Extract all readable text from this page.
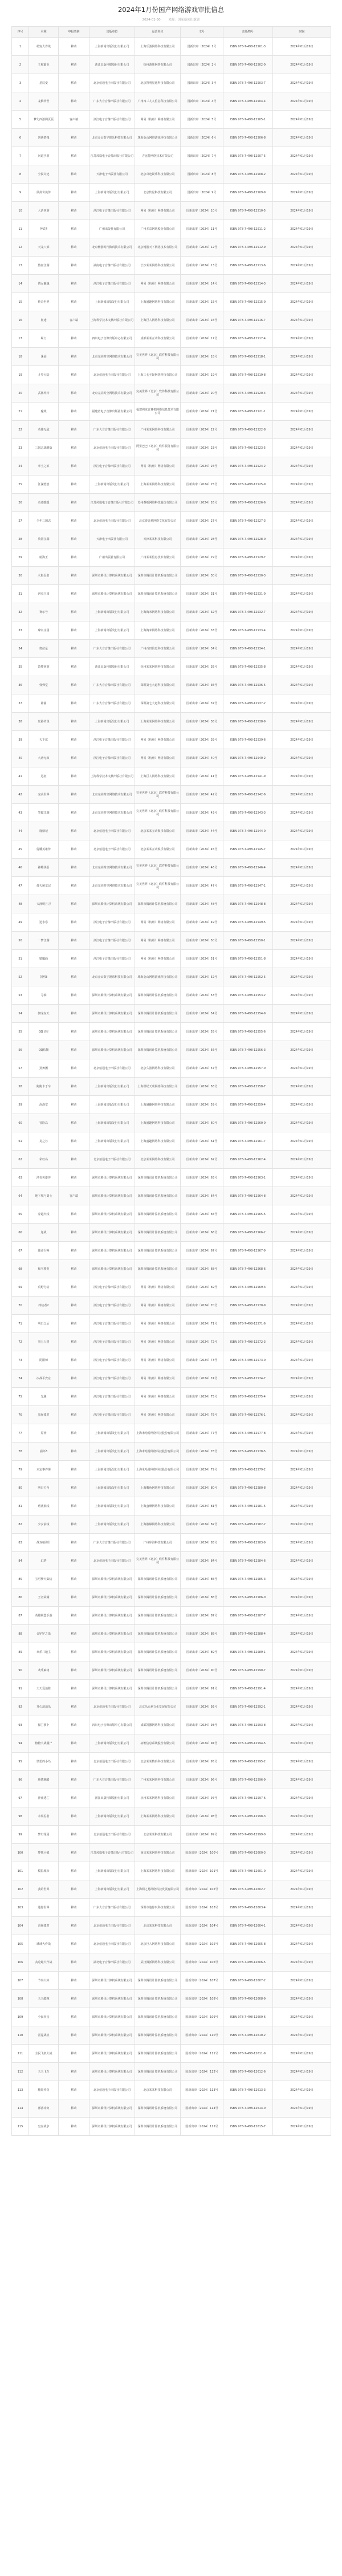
2024年1月份国产网络游戏审批信息
2024-01-30	来源：国家新闻出版署
序号	名称	申报类别	出版单位	运营单位	文号	出版物号	时间
1	萌宠大作战	移动	上海新闻出版发行有限公司	上海乐游网络科技有限公司	国新出审〔2024〕1号	ISBN 978-7-498-12501-3	2024年01月19日
2	王权霸业	移动	浙江出版传媒股份有限公司	杭州游族网络有限公司	国新出审〔2024〕2号	ISBN 978-7-498-12502-0	2024年01月19日
3	星辰变	移动	北京伯通电子出版社有限公司	北京智明星通科技有限公司	国新出审〔2024〕3号	ISBN 978-7-498-12503-7	2024年01月19日
4	龙腾传世	移动	广东大音音像出版社有限公司	广州四三九九信息科技有限公司	国新出审〔2024〕4号	ISBN 978-7-498-12504-4	2024年01月19日
5	梦幻西游网页版	客户端	浙江电子音像出版社有限公司	网易（杭州）网络有限公司	国新出审〔2024〕5号	ISBN 978-7-498-12505-1	2024年01月19日
6	剑侠情缘	移动	北京金山数字娱乐科技有限公司	珠海金山网络游戏科技有限公司	国新出审〔2024〕6号	ISBN 978-7-498-12506-8	2024年01月19日
7	问道手游	移动	江苏凤凰电子音像出版社有限公司	吉比特网络技术有限公司	国新出审〔2024〕7号	ISBN 978-7-498-12507-5	2024年01月19日
8	全民奇迹	移动	天津电子出版社有限公司	北京奇迹娱乐科技有限公司	国新出审〔2024〕8号	ISBN 978-7-498-12508-2	2024年01月19日
9	仙剑奇侠传	移动	上海新闻出版发行有限公司	北京软星科技有限公司	国新出审〔2024〕9号	ISBN 978-7-498-12509-9	2024年01月19日
10	大话西游	移动	浙江电子音像出版社有限公司	网易（杭州）网络有限公司	国新出审〔2024〕10号	ISBN 978-7-498-12510-5	2024年01月19日
11	神武4	移动	广州出版社有限公司	广州多益网络股份有限公司	国新出审〔2024〕11号	ISBN 978-7-498-12511-2	2024年01月19日
12	天龙八部	移动	北京畅游时代数码技术有限公司	北京畅游天下网络技术有限公司	国新出审〔2024〕12号	ISBN 978-7-498-12512-9	2024年01月19日
13	热血江湖	移动	湖南电子音像出版社有限公司	长沙某某网络科技有限公司	国新出审〔2024〕13号	ISBN 978-7-498-12513-6	2024年01月19日
14	倩女幽魂	移动	浙江电子音像出版社有限公司	网易（杭州）网络有限公司	国新出审〔2024〕14号	ISBN 978-7-498-12514-3	2024年01月19日
15	传奇世界	移动	上海新闻出版发行有限公司	上海盛趣网络科技有限公司	国新出审〔2024〕15号	ISBN 978-7-498-12515-0	2024年01月19日
16	征途	客户端	上海科学技术文献出版社有限公司	上海巨人网络科技有限公司	国新出审〔2024〕16号	ISBN 978-7-498-12516-7	2024年01月19日
17	蜀门	移动	四川电子音像出版中心有限公司	成都某某互动科技有限公司	国新出审〔2024〕17号	ISBN 978-7-498-12517-4	2024年01月19日
18	诛仙	移动	北京完美时空网络技术有限公司	完美世界（北京）软件科技有限公司	国新出审〔2024〕18号	ISBN 978-7-498-12518-1	2024年01月19日
19	斗罗大陆	移动	北京伯通电子出版社有限公司	上海三七互娱网络科技有限公司	国新出审〔2024〕19号	ISBN 978-7-498-12519-8	2024年01月19日
20	武林外传	移动	北京完美时空网络技术有限公司	完美世界（北京）软件科技有限公司	国新出审〔2024〕20号	ISBN 978-7-498-12520-4	2024年01月19日
21	魔域	移动	福建省电子音像出版社有限公司	福建网龙计算机网络信息技术有限公司	国新出审〔2024〕21号	ISBN 978-7-498-12521-1	2024年01月19日
22	英雄无敌	移动	广东大音音像出版社有限公司	广州某某网络科技有限公司	国新出审〔2024〕22号	ISBN 978-7-498-12522-8	2024年01月19日
23	三国志战略版	移动	北京伯通电子出版社有限公司	阿里巴巴（北京）软件服务有限公司	国新出审〔2024〕23号	ISBN 978-7-498-12523-5	2024年01月19日
24	率土之滨	移动	浙江电子音像出版社有限公司	网易（杭州）网络有限公司	国新出审〔2024〕24号	ISBN 978-7-498-12524-2	2024年01月19日
25	江湖悠悠	移动	上海新闻出版发行有限公司	上海某某网络科技有限公司	国新出审〔2024〕25号	ISBN 978-7-498-12525-9	2024年01月19日
26	奇迹暖暖	移动	江苏凤凰电子音像出版社有限公司	苏州叠纸网络科技股份有限公司	国新出审〔2024〕26号	ISBN 978-7-498-12526-6	2024年01月19日
27	少年三国志	移动	北京伯通电子出版社有限公司	北京游道易网络文化有限公司	国新出审〔2024〕27号	ISBN 978-7-498-12527-3	2024年01月19日
28	放置江湖	移动	天津电子出版社有限公司	天津某某科技有限公司	国新出审〔2024〕28号	ISBN 978-7-498-12528-0	2024年01月19日
29	航海王	移动	广州出版社有限公司	广州某某信息技术有限公司	国新出审〔2024〕29号	ISBN 978-7-498-12529-7	2024年01月19日
30	火影忍者	移动	深圳市腾讯计算机系统有限公司	深圳市腾讯计算机系统有限公司	国新出审〔2024〕30号	ISBN 978-7-498-12530-3	2024年01月19日
31	洛克王国	移动	深圳市腾讯计算机系统有限公司	深圳市腾讯计算机系统有限公司	国新出审〔2024〕31号	ISBN 978-7-498-12531-0	2024年01月19日
32	赛尔号	移动	上海新闻出版发行有限公司	上海淘米网络科技有限公司	国新出审〔2024〕32号	ISBN 978-7-498-12532-7	2024年01月19日
33	摩尔庄园	移动	上海新闻出版发行有限公司	上海淘米网络科技有限公司	国新出审〔2024〕33号	ISBN 978-7-498-12533-4	2024年01月19日
34	奥拉星	移动	广东大音音像出版社有限公司	广州百田信息科技有限公司	国新出审〔2024〕34号	ISBN 978-7-498-12534-1	2024年01月19日
35	造梦西游	移动	浙江出版传媒股份有限公司	杭州某某网络科技有限公司	国新出审〔2024〕35号	ISBN 978-7-498-12535-8	2024年01月19日
36	弹弹堂	移动	广东大音音像出版社有限公司	深圳第七大道科技有限公司	国新出审〔2024〕36号	ISBN 978-7-498-12536-5	2024年01月19日
37	神曲	移动	广东大音音像出版社有限公司	深圳第七大道科技有限公司	国新出审〔2024〕37号	ISBN 978-7-498-12537-2	2024年01月19日
38	丝路传说	移动	上海新闻出版发行有限公司	上海某某网络科技有限公司	国新出审〔2024〕38号	ISBN 978-7-498-12538-9	2024年01月19日
39	天下贰	移动	浙江电子音像出版社有限公司	网易（杭州）网络有限公司	国新出审〔2024〕39号	ISBN 978-7-498-12539-6	2024年01月19日
40	大唐无双	移动	浙江电子音像出版社有限公司	网易（杭州）网络有限公司	国新出审〔2024〕40号	ISBN 978-7-498-12540-2	2024年01月19日
41	远征	移动	上海科学技术文献出版社有限公司	上海巨人网络科技有限公司	国新出审〔2024〕41号	ISBN 978-7-498-12541-9	2024年01月19日
42	完美世界	移动	北京完美时空网络技术有限公司	完美世界（北京）软件科技有限公司	国新出审〔2024〕42号	ISBN 978-7-498-12542-6	2024年01月19日
43	笑傲江湖	移动	北京完美时空网络技术有限公司	完美世界（北京）软件科技有限公司	国新出审〔2024〕43号	ISBN 978-7-498-12543-3	2024年01月19日
44	鹿鼎记	移动	北京伯通电子出版社有限公司	北京某某互动娱乐有限公司	国新出审〔2024〕44号	ISBN 978-7-498-12544-0	2024年01月19日
45	射雕英雄传	移动	北京伯通电子出版社有限公司	北京某某互动娱乐有限公司	国新出审〔2024〕45号	ISBN 978-7-498-12545-7	2024年01月19日
46	神雕侠侣	移动	北京完美时空网络技术有限公司	完美世界（北京）软件科技有限公司	国新出审〔2024〕46号	ISBN 978-7-498-12546-4	2024年01月19日
47	倚天屠龙记	移动	北京完美时空网络技术有限公司	完美世界（北京）软件科技有限公司	国新出审〔2024〕47号	ISBN 978-7-498-12547-1	2024年01月19日
48	天涯明月刀	移动	深圳市腾讯计算机系统有限公司	深圳市腾讯计算机系统有限公司	国新出审〔2024〕48号	ISBN 978-7-498-12548-8	2024年01月19日
49	逆水寒	移动	浙江电子音像出版社有限公司	网易（杭州）网络有限公司	国新出审〔2024〕49号	ISBN 978-7-498-12549-5	2024年01月19日
50	一梦江湖	移动	浙江电子音像出版社有限公司	网易（杭州）网络有限公司	国新出审〔2024〕50号	ISBN 978-7-498-12550-1	2024年01月19日
51	镇魔曲	移动	浙江电子音像出版社有限公司	网易（杭州）网络有限公司	国新出审〔2024〕51号	ISBN 978-7-498-12551-8	2024年01月19日
52	剑网3	移动	北京金山数字娱乐科技有限公司	珠海金山网络游戏科技有限公司	国新出审〔2024〕52号	ISBN 978-7-498-12552-5	2024年01月19日
53	寻仙	移动	深圳市腾讯计算机系统有限公司	深圳市腾讯计算机系统有限公司	国新出审〔2024〕53号	ISBN 978-7-498-12553-2	2024年01月19日
54	御龙在天	移动	深圳市腾讯计算机系统有限公司	深圳市腾讯计算机系统有限公司	国新出审〔2024〕54号	ISBN 978-7-498-12554-9	2024年01月19日
55	QQ飞车	移动	深圳市腾讯计算机系统有限公司	深圳市腾讯计算机系统有限公司	国新出审〔2024〕55号	ISBN 978-7-498-12555-6	2024年01月19日
56	QQ炫舞	移动	深圳市腾讯计算机系统有限公司	深圳市腾讯计算机系统有限公司	国新出审〔2024〕56号	ISBN 978-7-498-12556-3	2024年01月19日
57	劲舞团	移动	北京伯通电子出版社有限公司	北京久游网络科技有限公司	国新出审〔2024〕57号	ISBN 978-7-498-12557-0	2024年01月19日
58	跑跑卡丁车	移动	上海新闻出版发行有限公司	上海世纪天成网络科技有限公司	国新出审〔2024〕58号	ISBN 978-7-498-12558-7	2024年01月19日
59	泡泡堂	移动	上海新闻出版发行有限公司	上海盛趣网络科技有限公司	国新出审〔2024〕59号	ISBN 978-7-498-12559-4	2024年01月19日
60	冒险岛	移动	上海新闻出版发行有限公司	上海盛趣网络科技有限公司	国新出审〔2024〕60号	ISBN 978-7-498-12560-0	2024年01月19日
61	龙之谷	移动	上海新闻出版发行有限公司	上海盛趣网络科技有限公司	国新出审〔2024〕61号	ISBN 978-7-498-12561-7	2024年01月19日
62	彩虹岛	移动	北京伯通电子出版社有限公司	北京某某网络科技有限公司	国新出审〔2024〕62号	ISBN 978-7-498-12562-4	2024年01月19日
63	洛奇英雄传	移动	深圳市腾讯计算机系统有限公司	深圳市腾讯计算机系统有限公司	国新出审〔2024〕63号	ISBN 978-7-498-12563-1	2024年01月19日
64	地下城与勇士	客户端	深圳市腾讯计算机系统有限公司	深圳市腾讯计算机系统有限公司	国新出审〔2024〕64号	ISBN 978-7-498-12564-8	2024年01月19日
65	穿越火线	移动	深圳市腾讯计算机系统有限公司	深圳市腾讯计算机系统有限公司	国新出审〔2024〕65号	ISBN 978-7-498-12565-5	2024年01月19日
66	逆战	移动	深圳市腾讯计算机系统有限公司	深圳市腾讯计算机系统有限公司	国新出审〔2024〕66号	ISBN 978-7-498-12566-2	2024年01月19日
67	使命召唤	移动	深圳市腾讯计算机系统有限公司	深圳市腾讯计算机系统有限公司	国新出审〔2024〕67号	ISBN 978-7-498-12567-9	2024年01月19日
68	和平精英	移动	深圳市腾讯计算机系统有限公司	深圳市腾讯计算机系统有限公司	国新出审〔2024〕68号	ISBN 978-7-498-12568-6	2024年01月19日
69	荒野行动	移动	浙江电子音像出版社有限公司	网易（杭州）网络有限公司	国新出审〔2024〕69号	ISBN 978-7-498-12569-3	2024年01月19日
70	终结者2	移动	浙江电子音像出版社有限公司	网易（杭州）网络有限公司	国新出审〔2024〕70号	ISBN 978-7-498-12570-9	2024年01月19日
71	明日之后	移动	浙江电子音像出版社有限公司	网易（杭州）网络有限公司	国新出审〔2024〕71号	ISBN 978-7-498-12571-6	2024年01月19日
72	第五人格	移动	浙江电子音像出版社有限公司	网易（杭州）网络有限公司	国新出审〔2024〕72号	ISBN 978-7-498-12572-3	2024年01月19日
73	阴阳师	移动	浙江电子音像出版社有限公司	网易（杭州）网络有限公司	国新出审〔2024〕73号	ISBN 978-7-498-12573-0	2024年01月19日
74	决战平安京	移动	浙江电子音像出版社有限公司	网易（杭州）网络有限公司	国新出审〔2024〕74号	ISBN 978-7-498-12574-7	2024年01月19日
75	光遇	移动	浙江电子音像出版社有限公司	网易（杭州）网络有限公司	国新出审〔2024〕75号	ISBN 978-7-498-12575-4	2024年01月19日
76	蛋仔派对	移动	浙江电子音像出版社有限公司	网易（杭州）网络有限公司	国新出审〔2024〕76号	ISBN 978-7-498-12576-1	2024年01月19日
77	原神	移动	上海新闻出版发行有限公司	上海米哈游网络科技股份有限公司	国新出审〔2024〕77号	ISBN 978-7-498-12577-8	2024年01月19日
78	崩坏3	移动	上海新闻出版发行有限公司	上海米哈游网络科技股份有限公司	国新出审〔2024〕78号	ISBN 978-7-498-12578-5	2024年01月19日
79	未定事件簿	移动	上海新闻出版发行有限公司	上海米哈游网络科技股份有限公司	国新出审〔2024〕79号	ISBN 978-7-498-12579-2	2024年01月19日
80	明日方舟	移动	上海新闻出版发行有限公司	上海鹰角网络科技有限公司	国新出审〔2024〕80号	ISBN 978-7-498-12580-8	2024年01月19日
81	碧蓝航线	移动	上海新闻出版发行有限公司	上海蛮啾网络科技有限公司	国新出审〔2024〕81号	ISBN 978-7-498-12581-5	2024年01月19日
82	少女前线	移动	上海新闻出版发行有限公司	上海散爆网络科技有限公司	国新出审〔2024〕82号	ISBN 978-7-498-12582-2	2024年01月19日
83	战双帕弥什	移动	广东大音音像出版社有限公司	广州库洛科技有限公司	国新出审〔2024〕83号	ISBN 978-7-498-12583-9	2024年01月19日
84	幻塔	移动	北京伯通电子出版社有限公司	完美世界（北京）软件科技有限公司	国新出审〔2024〕84号	ISBN 978-7-498-12584-6	2024年01月19日
85	宝可梦大集结	移动	深圳市腾讯计算机系统有限公司	深圳市腾讯计算机系统有限公司	国新出审〔2024〕85号	ISBN 978-7-498-12585-3	2024年01月19日
86	王者荣耀	移动	深圳市腾讯计算机系统有限公司	深圳市腾讯计算机系统有限公司	国新出审〔2024〕86号	ISBN 978-7-498-12586-0	2024年01月19日
87	英雄联盟手游	移动	深圳市腾讯计算机系统有限公司	深圳市腾讯计算机系统有限公司	国新出审〔2024〕87号	ISBN 978-7-498-12587-7	2024年01月19日
88	金铲铲之战	移动	深圳市腾讯计算机系统有限公司	深圳市腾讯计算机系统有限公司	国新出审〔2024〕88号	ISBN 978-7-498-12588-4	2024年01月19日
89	欢乐斗地主	移动	深圳市腾讯计算机系统有限公司	深圳市腾讯计算机系统有限公司	国新出审〔2024〕89号	ISBN 978-7-498-12589-1	2024年01月19日
90	欢乐麻将	移动	深圳市腾讯计算机系统有限公司	深圳市腾讯计算机系统有限公司	国新出审〔2024〕90号	ISBN 978-7-498-12590-7	2024年01月19日
91	天天爱消除	移动	深圳市腾讯计算机系统有限公司	深圳市腾讯计算机系统有限公司	国新出审〔2024〕91号	ISBN 978-7-498-12591-4	2024年01月19日
92	开心消消乐	移动	北京伯通电子出版社有限公司	北京乐元素文化发展有限公司	国新出审〔2024〕92号	ISBN 978-7-498-12592-1	2024年01月19日
93	保卫萝卜	移动	四川电子音像出版中心有限公司	成都凯撒网络科技有限公司	国新出审〔2024〕93号	ISBN 978-7-498-12593-8	2024年01月19日
94	植物大战僵尸	移动	上海新闻出版发行有限公司	拓维信息系统股份有限公司	国新出审〔2024〕94号	ISBN 978-7-498-12594-5	2024年01月19日
95	愤怒的小鸟	移动	北京伯通电子出版社有限公司	北京某某数码科技有限公司	国新出审〔2024〕95号	ISBN 978-7-498-12595-2	2024年01月19日
96	地铁跑酷	移动	广东大音音像出版社有限公司	广州某某网络科技有限公司	国新出审〔2024〕96号	ISBN 978-7-498-12596-9	2024年01月19日
97	神庙逃亡	移动	浙江出版传媒股份有限公司	杭州某某网络科技有限公司	国新出审〔2024〕97号	ISBN 978-7-498-12597-6	2024年01月19日
98	水果忍者	移动	上海新闻出版发行有限公司	上海某某网络科技有限公司	国新出审〔2024〕98号	ISBN 978-7-498-12598-3	2024年01月19日
99	梦幻花园	移动	北京伯通电子出版社有限公司	北京某某科技有限公司	国新出审〔2024〕99号	ISBN 978-7-498-12599-0	2024年01月19日
100	梦想小镇	移动	江苏凤凰电子音像出版社有限公司	南京某某网络科技有限公司	国新出审〔2024〕100号	ISBN 978-7-498-12600-3	2024年01月19日
101	模拟城市	移动	上海新闻出版发行有限公司	上海某某网络科技有限公司	国新出审〔2024〕101号	ISBN 978-7-498-12601-0	2024年01月19日
102	我的世界	移动	上海新闻出版发行有限公司	上海网之易网络科技发展有限公司	国新出审〔2024〕102号	ISBN 978-7-498-12602-7	2024年01月19日
103	迷你世界	移动	广东大音音像出版社有限公司	深圳市迷你玩科技有限公司	国新出审〔2024〕103号	ISBN 978-7-498-12603-4	2024年01月19日
104	香肠派对	移动	北京伯通电子出版社有限公司	北京某某科技有限公司	国新出审〔2024〕104号	ISBN 978-7-498-12604-1	2024年01月19日
105	球球大作战	移动	北京伯通电子出版社有限公司	北京巨人网络科技有限公司	国新出审〔2024〕105号	ISBN 978-7-498-12605-8	2024年01月19日
106	贪吃蛇大作战	移动	湖北电子音像出版社有限公司	武汉微派网络科技有限公司	国新出审〔2024〕106号	ISBN 978-7-498-12606-5	2024年01月19日
107	节奏大师	移动	深圳市腾讯计算机系统有限公司	深圳市腾讯计算机系统有限公司	国新出审〔2024〕107号	ISBN 978-7-498-12607-2	2024年01月19日
108	天天酷跑	移动	深圳市腾讯计算机系统有限公司	深圳市腾讯计算机系统有限公司	国新出审〔2024〕108号	ISBN 978-7-498-12608-9	2024年01月19日
109	全民突击	移动	深圳市腾讯计算机系统有限公司	深圳市腾讯计算机系统有限公司	国新出审〔2024〕109号	ISBN 978-7-498-12609-6	2024年01月19日
110	雷霆战机	移动	深圳市腾讯计算机系统有限公司	深圳市腾讯计算机系统有限公司	国新出审〔2024〕110号	ISBN 978-7-498-12610-2	2024年01月19日
111	全民飞机大战	移动	深圳市腾讯计算机系统有限公司	深圳市腾讯计算机系统有限公司	国新出审〔2024〕111号	ISBN 978-7-498-12611-9	2024年01月19日
112	天天飞车	移动	深圳市腾讯计算机系统有限公司	深圳市腾讯计算机系统有限公司	国新出审〔2024〕112号	ISBN 978-7-498-12612-6	2024年01月19日
113	糖果传奇	移动	北京伯通电子出版社有限公司	北京某某科技有限公司	国新出审〔2024〕113号	ISBN 978-7-498-12613-3	2024年01月19日
114	部落冲突	移动	深圳市腾讯计算机系统有限公司	深圳市腾讯计算机系统有限公司	国新出审〔2024〕114号	ISBN 978-7-498-12614-0	2024年01月19日
115	皇室战争	移动	深圳市腾讯计算机系统有限公司	深圳市腾讯计算机系统有限公司	国新出审〔2024〕115号	ISBN 978-7-498-12615-7	2024年01月19日
